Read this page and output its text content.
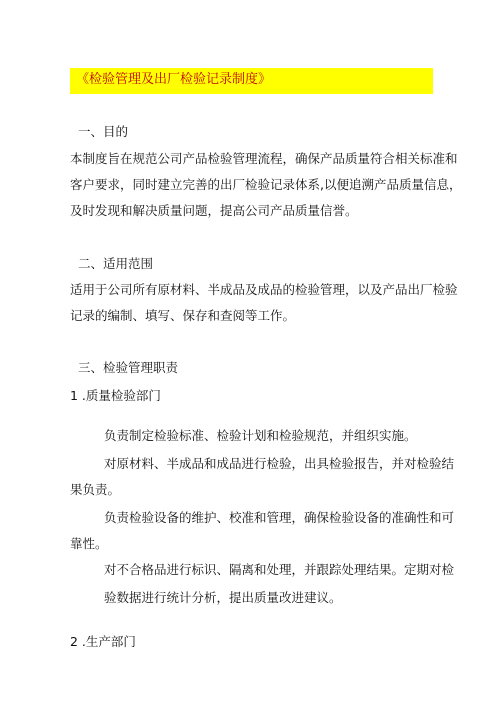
《检验管理及出厂检验记录制度》
一、目的
本制度旨在规范公司产品检验管理流程，确保产品质量符合相关标准和
客户要求，同时建立完善的出厂检验记录体系,以便追溯产品质量信息，
及时发现和解决质量问题，提高公司产品质量信誉。
二、适用范围
适用于公司所有原材料、半成品及成品的检验管理，以及产品出厂检验
记录的编制、填写、保存和查阅等工作。
三、检验管理职责
1 .质量检验部门
负责制定检验标准、检验计划和检验规范，并组织实施。
对原材料、半成品和成品进行检验，出具检验报告，并对检验结
果负责。
负责检验设备的维护、校准和管理，确保检验设备的准确性和可
靠性。
对不合格品进行标识、隔离和处理，并跟踪处理结果。定期对检
验数据进行统计分析，提出质量改进建议。
2 .生产部门
